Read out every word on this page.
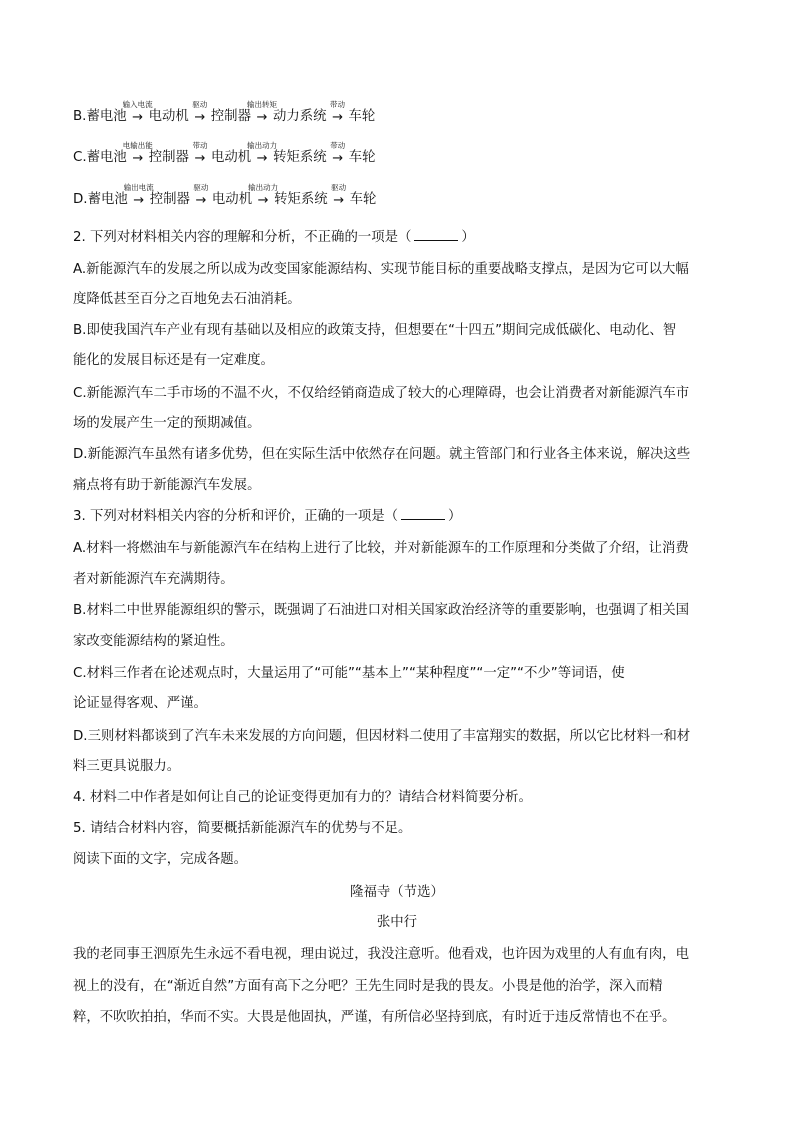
B.蓄电池
输入电流
→ 电动机
驱动
→ 控制器
输出转矩
→ 动力系统
带动
→ 车轮
C.蓄电池
电输出能
→ 控制器
带动
→ 电动机
输出动力
→ 转矩系统
带动
→ 车轮
D.蓄电池
输出电流
→ 控制器
驱动
→ 电动机
输出动力
→ 转矩系统
驱动
→ 车轮
2. 下列对材料相关内容的理解和分析，不正确的一项是（	）
A.新能源汽车的发展之所以成为改变国家能源结构、实现节能目标的重要战略支撑点，是因为它可以大幅
度降低甚至百分之百地免去石油消耗。
B.即使我国汽车产业有现有基础以及相应的政策支持，但想要在“十四五”期间完成低碳化、电动化、智
能化的发展目标还是有一定难度。
C.新能源汽车二手市场的不温不火，不仅给经销商造成了较大的心理障碍，也会让消费者对新能源汽车市
场的发展产生一定的预期减值。
D.新能源汽车虽然有诸多优势，但在实际生活中依然存在问题。就主管部门和行业各主体来说，解决这些
痛点将有助于新能源汽车发展。
3. 下列对材料相关内容的分析和评价，正确的一项是（	）
A.材料一将燃油车与新能源汽车在结构上进行了比较，并对新能源车的工作原理和分类做了介绍，让消费
者对新能源汽车充满期待。
B.材料二中世界能源组织的警示，既强调了石油进口对相关国家政治经济等的重要影响，也强调了相关国
家改变能源结构的紧迫性。
C.材料三作者在论述观点时，大量运用了“可能”“基本上”“某种程度”“一定”“不少”等词语，使
论证显得客观、严谨。
D.三则材料都谈到了汽车未来发展的方向问题，但因材料二使用了丰富翔实的数据，所以它比材料一和材
料三更具说服力。
4. 材料二中作者是如何让自己的论证变得更加有力的？请结合材料简要分析。
5. 请结合材料内容，简要概括新能源汽车的优势与不足。
阅读下面的文字，完成各题。
隆福寺（节选）
张中行
我的老同事王泗原先生永远不看电视，理由说过，我没注意听。他看戏，也许因为戏里的人有血有肉，电
视上的没有，在“渐近自然”方面有高下之分吧？王先生同时是我的畏友。小畏是他的治学，深入而精
粹，不吹吹拍拍，华而不实。大畏是他固执，严谨，有所信必坚持到底，有时近于违反常情也不在乎。
